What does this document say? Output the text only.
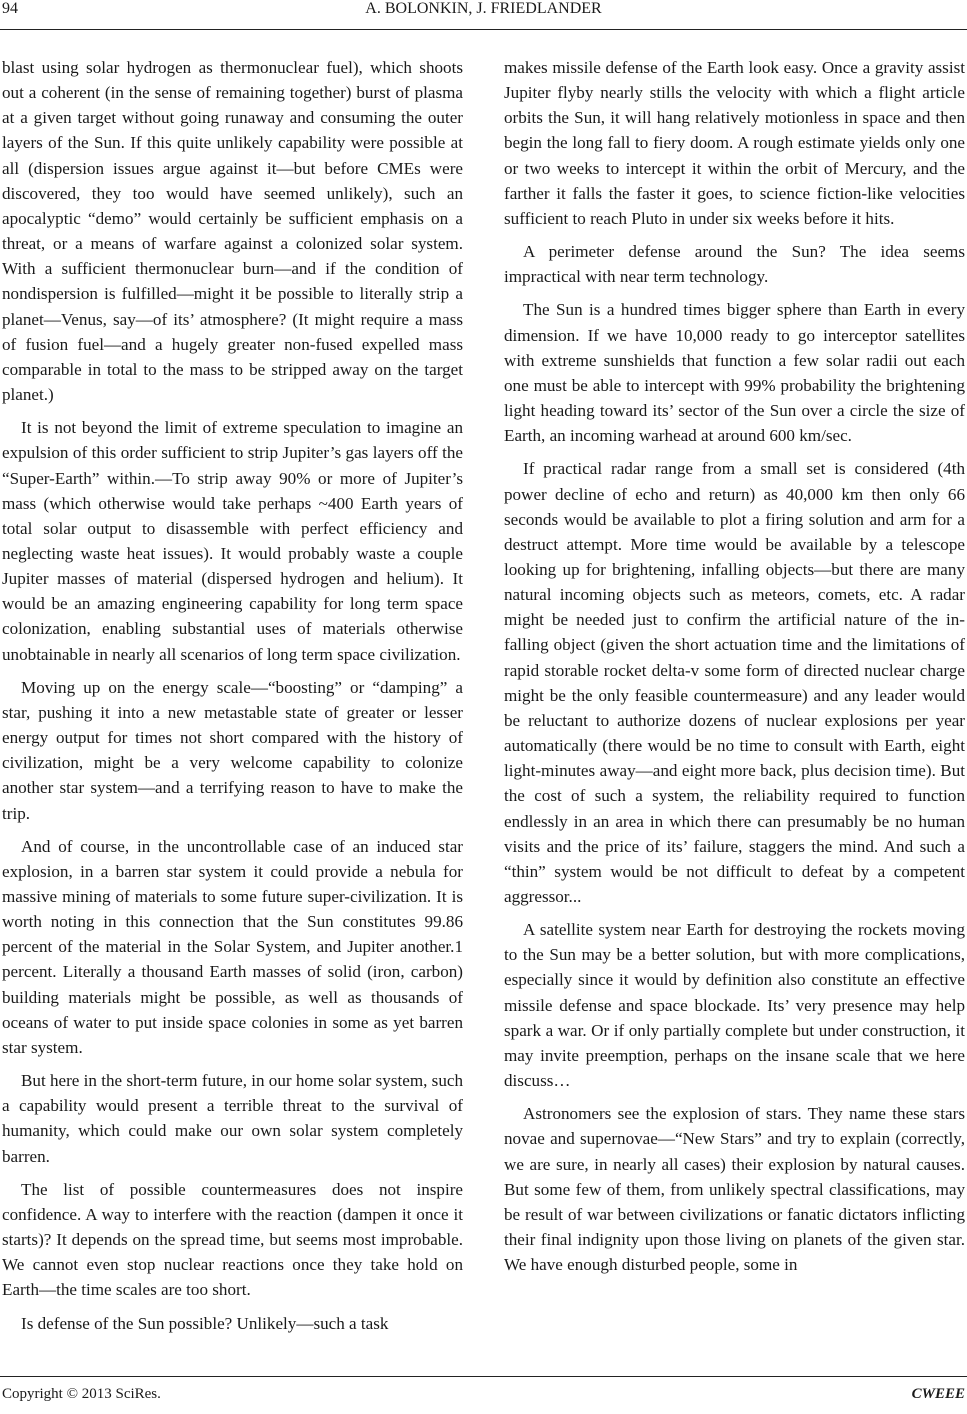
94	A. BOLONKIN, J. FRIEDLANDER

blast using solar hydrogen as thermonuclear fuel), which shoots out a coherent (in the sense of remaining together) burst of plasma at a given target without going runaway and consuming the outer layers of the Sun. If this quite unlikely capability were possible at all (dispersion issues argue against it—but before CMEs were discovered, they too would have seemed unlikely), such an apocalyptic “demo” would certainly be sufficient emphasis on a threat, or a means of warfare against a colonized solar system. With a sufficient thermonuclear burn—and if the condition of nondispersion is fulfilled—might it be possible to literally strip a planet—Venus, say—of its’ atmosphere? (It might require a mass of fusion fuel—and a hugely greater non-fused expelled mass comparable in total to the mass to be stripped away on the target planet.)

It is not beyond the limit of extreme speculation to imagine an expulsion of this order sufficient to strip Jupiter’s gas layers off the “Super-Earth” within.—To strip away 90% or more of Jupiter’s mass (which otherwise would take perhaps ~400 Earth years of total solar output to disassemble with perfect efficiency and neglecting waste heat issues). It would probably waste a couple Jupiter masses of material (dispersed hydrogen and helium). It would be an amazing engineering capability for long term space colonization, enabling substantial uses of materials otherwise unobtainable in nearly all scenarios of long term space civilization.

Moving up on the energy scale—“boosting” or “damping” a star, pushing it into a new metastable state of greater or lesser energy output for times not short compared with the history of civilization, might be a very welcome capability to colonize another star system—and a terrifying reason to have to make the trip.

And of course, in the uncontrollable case of an induced star explosion, in a barren star system it could provide a nebula for massive mining of materials to some future super-civilization. It is worth noting in this connection that the Sun constitutes 99.86 percent of the material in the Solar System, and Jupiter another.1 percent. Literally a thousand Earth masses of solid (iron, carbon) building materials might be possible, as well as thousands of oceans of water to put inside space colonies in some as yet barren star system.

But here in the short-term future, in our home solar system, such a capability would present a terrible threat to the survival of humanity, which could make our own solar system completely barren.

The list of possible countermeasures does not inspire confidence. A way to interfere with the reaction (dampen it once it starts)? It depends on the spread time, but seems most improbable. We cannot even stop nuclear reactions once they take hold on Earth—the time scales are too short.

Is defense of the Sun possible? Unlikely—such a task

makes missile defense of the Earth look easy. Once a gravity assist Jupiter flyby nearly stills the velocity with which a flight article orbits the Sun, it will hang relatively motionless in space and then begin the long fall to fiery doom. A rough estimate yields only one or two weeks to intercept it within the orbit of Mercury, and the farther it falls the faster it goes, to science fiction-like velocities sufficient to reach Pluto in under six weeks before it hits.

A perimeter defense around the Sun? The idea seems impractical with near term technology.

The Sun is a hundred times bigger sphere than Earth in every dimension. If we have 10,000 ready to go interceptor satellites with extreme sunshields that function a few solar radii out each one must be able to intercept with 99% probability the brightening light heading toward its’ sector of the Sun over a circle the size of Earth, an incoming warhead at around 600 km/sec.

If practical radar range from a small set is considered (4th power decline of echo and return) as 40,000 km then only 66 seconds would be available to plot a firing solution and arm for a destruct attempt. More time would be available by a telescope looking up for brightening, infalling objects—but there are many natural incoming objects such as meteors, comets, etc. A radar might be needed just to confirm the artificial nature of the in-falling object (given the short actuation time and the limitations of rapid storable rocket delta-v some form of directed nuclear charge might be the only feasible countermeasure) and any leader would be reluctant to authorize dozens of nuclear explosions per year automatically (there would be no time to consult with Earth, eight light-minutes away—and eight more back, plus decision time). But the cost of such a system, the reliability required to function endlessly in an area in which there can presumably be no human visits and the price of its’ failure, staggers the mind. And such a “thin” system would be not difficult to defeat by a competent aggressor...

A satellite system near Earth for destroying the rockets moving to the Sun may be a better solution, but with more complications, especially since it would by definition also constitute an effective missile defense and space blockade. Its’ very presence may help spark a war. Or if only partially complete but under construction, it may invite preemption, perhaps on the insane scale that we here discuss…

Astronomers see the explosion of stars. They name these stars novae and supernovae—“New Stars” and try to explain (correctly, we are sure, in nearly all cases) their explosion by natural causes. But some few of them, from unlikely spectral classifications, may be result of war between civilizations or fanatic dictators inflicting their final indignity upon those living on planets of the given star. We have enough disturbed people, some in

Copyright © 2013 SciRes.	CWEEE
